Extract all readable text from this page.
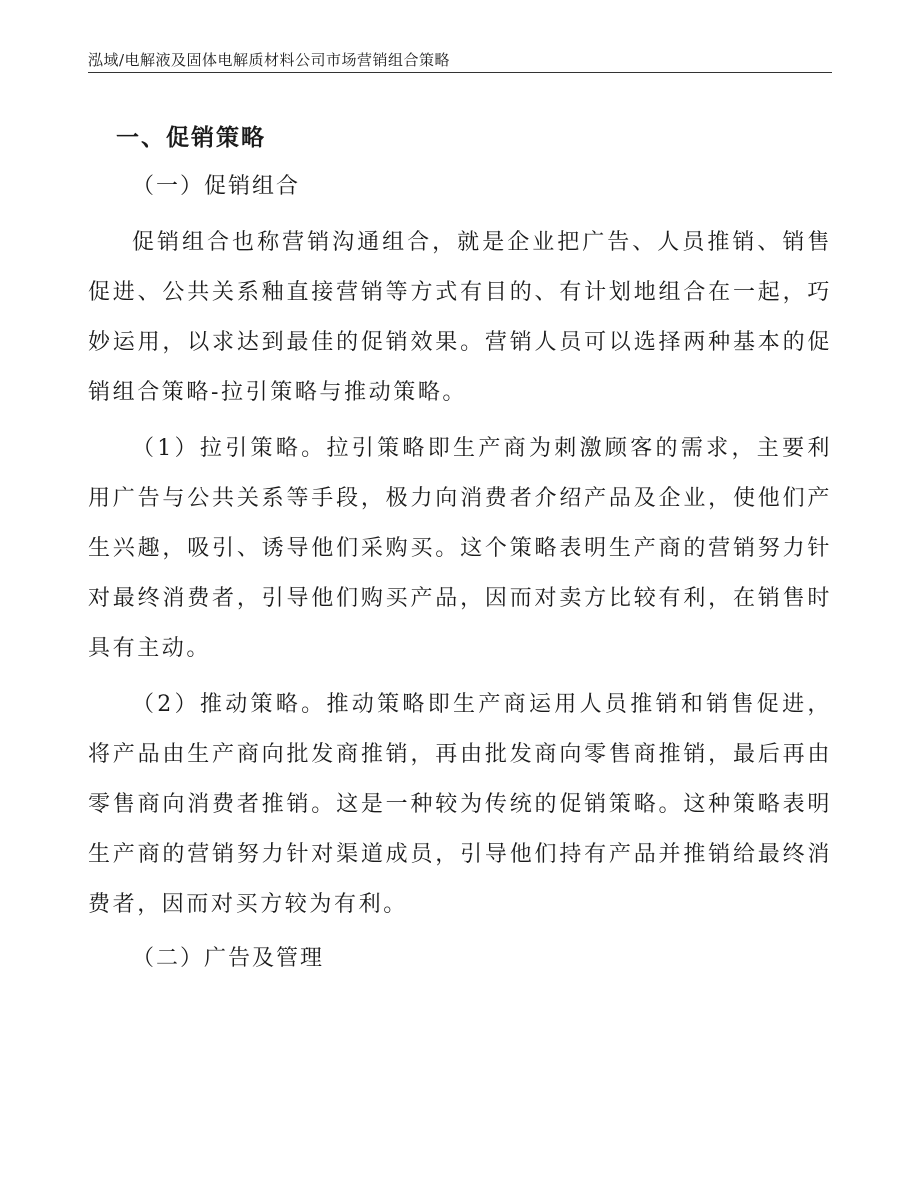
泓域/电解液及固体电解质材料公司市场营销组合策略
一、促销策略
（一）促销组合

促销组合也称营销沟通组合，就是企业把广告、人员推销、销售促进、公共关系釉直接营销等方式有目的、有计划地组合在一起，巧妙运用，以求达到最佳的促销效果。营销人员可以选择两种基本的促销组合策略-拉引策略与推动策略。

（1）拉引策略。拉引策略即生产商为刺激顾客的需求，主要利用广告与公共关系等手段，极力向消费者介绍产品及企业，使他们产生兴趣，吸引、诱导他们采购买。这个策略表明生产商的营销努力针对最终消费者，引导他们购买产品，因而对卖方比较有利，在销售时具有主动。

（2）推动策略。推动策略即生产商运用人员推销和销售促进，将产品由生产商向批发商推销，再由批发商向零售商推销，最后再由零售商向消费者推销。这是一种较为传统的促销策略。这种策略表明生产商的营销努力针对渠道成员，引导他们持有产品并推销给最终消费者，因而对买方较为有利。

（二）广告及管理
